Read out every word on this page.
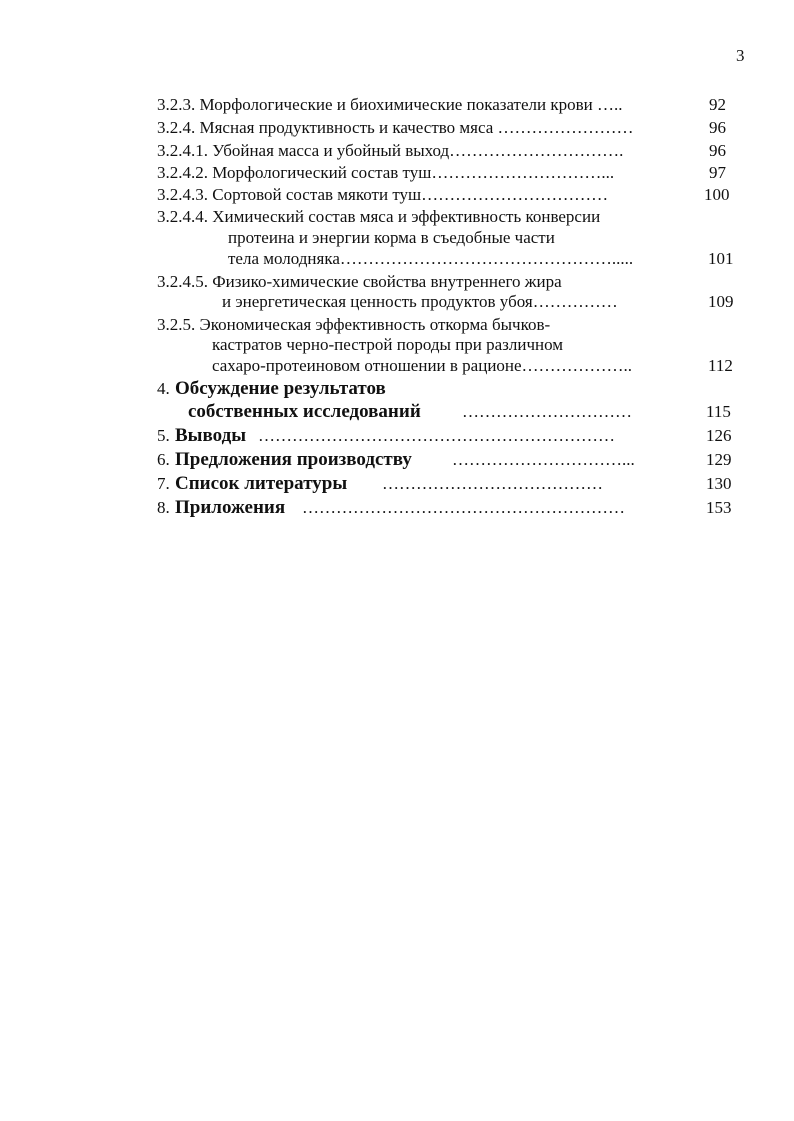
3
3.2.3. Морфологические и биохимические показатели крови …..	92
3.2.4. Мясная продуктивность и качество мяса ……………………	96
3.2.4.1. Убойная масса и убойный выход………………………….	96
3.2.4.2. Морфологический состав туш…………………………...	97
3.2.4.3. Сортовой состав мякоти туш……………………………	100
3.2.4.4. Химический состав мяса и эффективность конверсии
протеина и энергии корма в съедобные части
тела молодняка………………………………………….....	101
3.2.4.5. Физико-химические свойства внутреннего жира
и энергетическая ценность продуктов убоя……………	109
3.2.5. Экономическая эффективность откорма бычков-
кастратов черно-пестрой породы при различном
сахаро-протеиновом отношении в рационе………………..	112
4. Обсуждение результатов
собственных исследований …………………………	115
5. Выводы ………………………………………………………	126
6. Предложения производству …………………………...	129
7. Список литературы …………………………………	130
8. Приложения …………………………………………………	153
